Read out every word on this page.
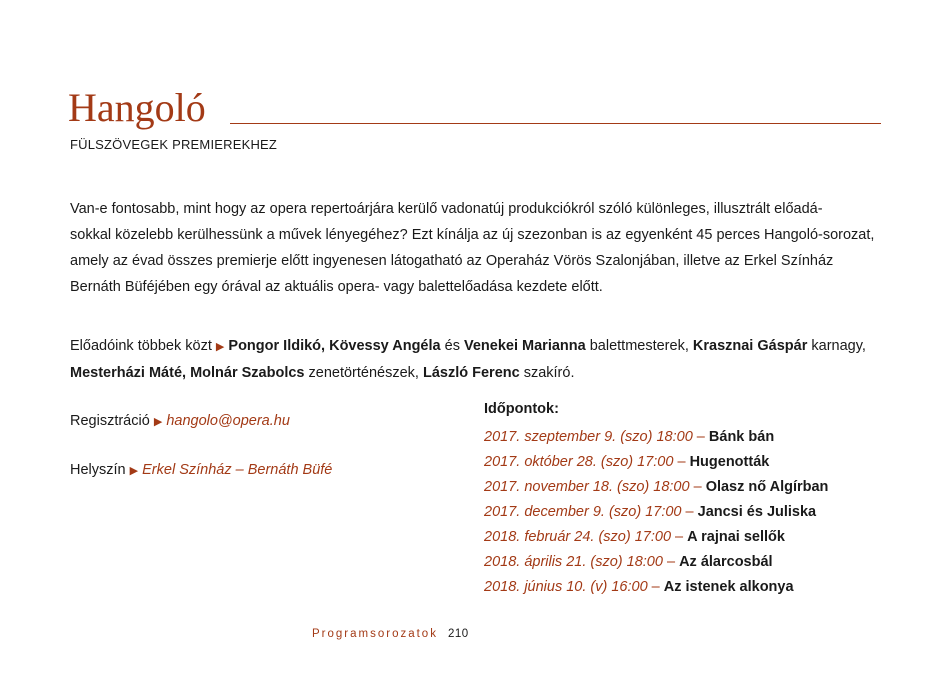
Hangoló
FÜLSZÖVEGEK PREMIEREKHEZ
Van-e fontosabb, mint hogy az opera repertoárjára kerülő vadonatúj produkciókról szóló különleges, illusztrált előadá-
sokkal közelebb kerülhessünk a művek lényegéhez? Ezt kínálja az új szezonban is az egyenként 45 perces Hangoló-sorozat,
amely az évad összes premierje előtt ingyenesen látogatható az Operaház Vörös Szalonjában, illetve az Erkel Színház
Bernáth Büféjében egy órával az aktuális opera- vagy balettelőadása kezdete előtt.
Előadóink többek közt ▶ Pongor Ildikó, Kövessy Angéla és Venekei Marianna balettmesterek, Krasznai Gáspár karnagy,
Mesterházi Máté, Molnár Szabolcs zenetörténészek, László Ferenc szakíró.
Regisztráció ▶ hangolo@opera.hu
Helyszín ▶ Erkel Színház – Bernáth Büfé
Időpontok:
2017. szeptember 9. (szo) 18:00 – Bánk bán
2017. október 28. (szo) 17:00 – Hugenották
2017. november 18. (szo) 18:00 – Olasz nő Algírban
2017. december 9. (szo) 17:00 – Jancsi és Juliska
2018. február 24. (szo) 17:00 – A rajnai sellők
2018. április 21. (szo) 18:00 – Az álarcosbál
2018. június 10. (v) 16:00 – Az istenek alkonya
Programsorozatok 210
